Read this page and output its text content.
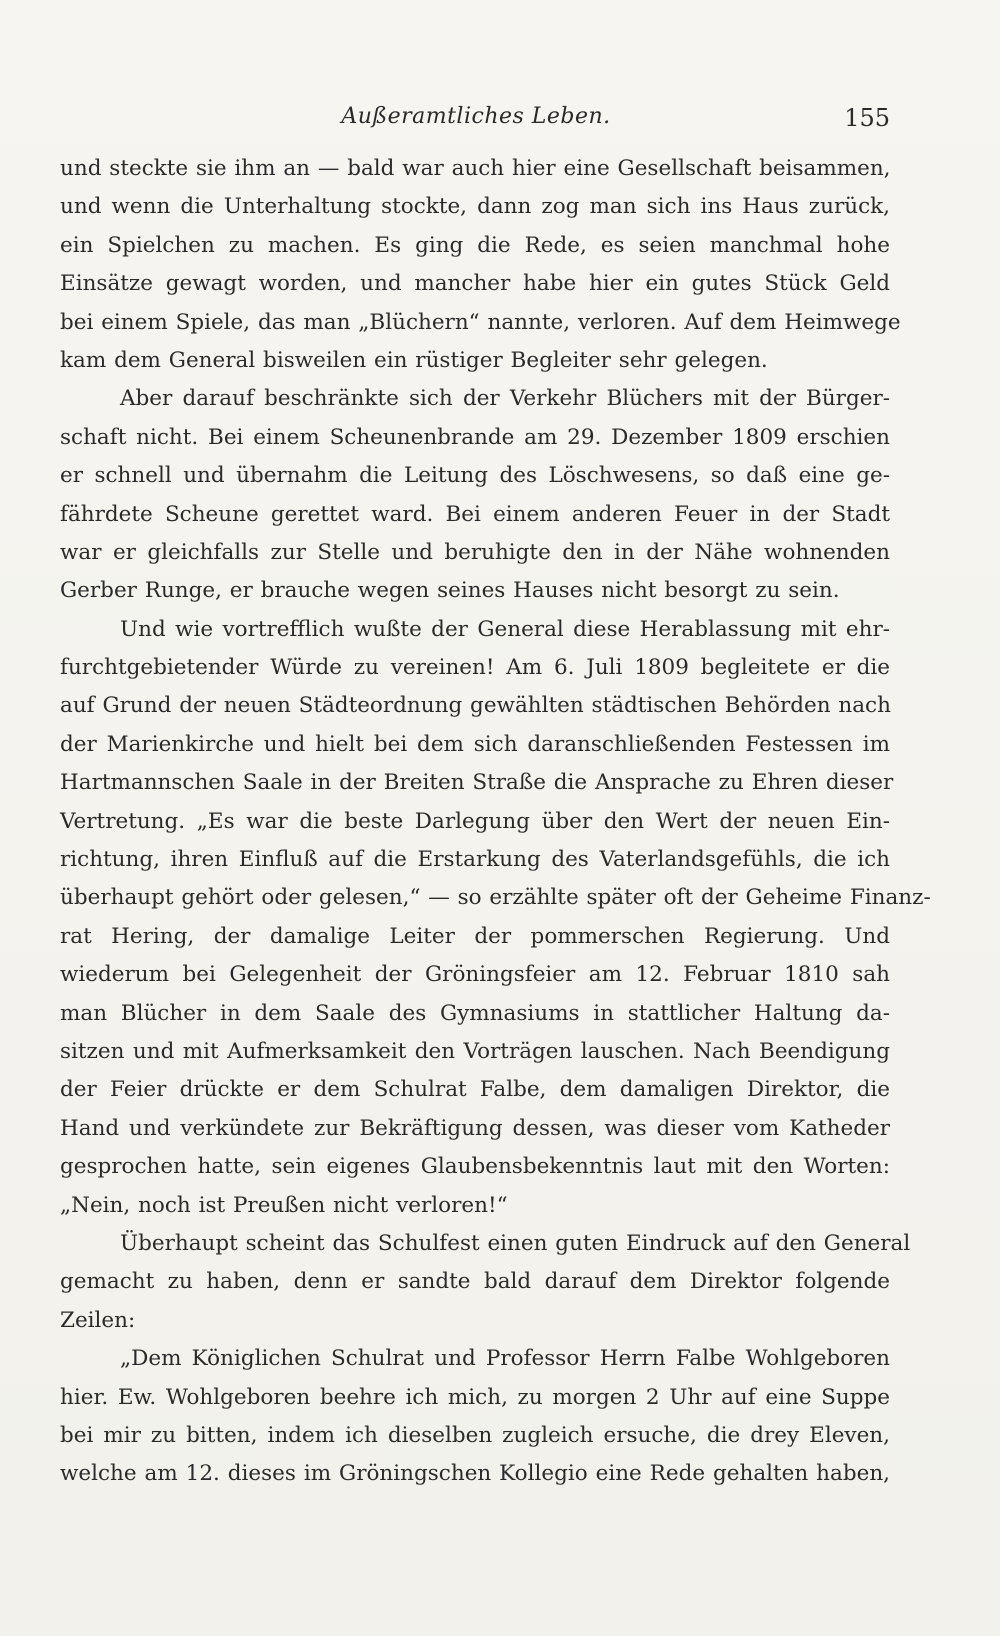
Außeramtliches Leben.	155
und steckte sie ihm an — bald war auch hier eine Gesellschaft beisammen,
und wenn die Unterhaltung stockte, dann zog man sich ins Haus zurück,
ein Spielchen zu machen. Es ging die Rede, es seien manchmal hohe
Einsätze gewagt worden, und mancher habe hier ein gutes Stück Geld
bei einem Spiele, das man „Blüchern“ nannte, verloren. Auf dem Heimwege
kam dem General bisweilen ein rüstiger Begleiter sehr gelegen.
Aber darauf beschränkte sich der Verkehr Blüchers mit der Bürger-
schaft nicht. Bei einem Scheunenbrande am 29. Dezember 1809 erschien
er schnell und übernahm die Leitung des Löschwesens, so daß eine ge-
fährdete Scheune gerettet ward. Bei einem anderen Feuer in der Stadt
war er gleichfalls zur Stelle und beruhigte den in der Nähe wohnenden
Gerber Runge, er brauche wegen seines Hauses nicht besorgt zu sein.
Und wie vortrefflich wußte der General diese Herablassung mit ehr-
furchtgebietender Würde zu vereinen! Am 6. Juli 1809 begleitete er die
auf Grund der neuen Städteordnung gewählten städtischen Behörden nach
der Marienkirche und hielt bei dem sich daranschließenden Festessen im
Hartmannschen Saale in der Breiten Straße die Ansprache zu Ehren dieser
Vertretung. „Es war die beste Darlegung über den Wert der neuen Ein-
richtung, ihren Einfluß auf die Erstarkung des Vaterlandsgefühls, die ich
überhaupt gehört oder gelesen,“ — so erzählte später oft der Geheime Finanz-
rat Hering, der damalige Leiter der pommerschen Regierung. Und
wiederum bei Gelegenheit der Gröningsfeier am 12. Februar 1810 sah
man Blücher in dem Saale des Gymnasiums in stattlicher Haltung da-
sitzen und mit Aufmerksamkeit den Vorträgen lauschen. Nach Beendigung
der Feier drückte er dem Schulrat Falbe, dem damaligen Direktor, die
Hand und verkündete zur Bekräftigung dessen, was dieser vom Katheder
gesprochen hatte, sein eigenes Glaubensbekenntnis laut mit den Worten:
„Nein, noch ist Preußen nicht verloren!“
Überhaupt scheint das Schulfest einen guten Eindruck auf den General
gemacht zu haben, denn er sandte bald darauf dem Direktor folgende
Zeilen:
„Dem Königlichen Schulrat und Professor Herrn Falbe Wohlgeboren
hier. Ew. Wohlgeboren beehre ich mich, zu morgen 2 Uhr auf eine Suppe
bei mir zu bitten, indem ich dieselben zugleich ersuche, die drey Eleven,
welche am 12. dieses im Gröningschen Kollegio eine Rede gehalten haben,
